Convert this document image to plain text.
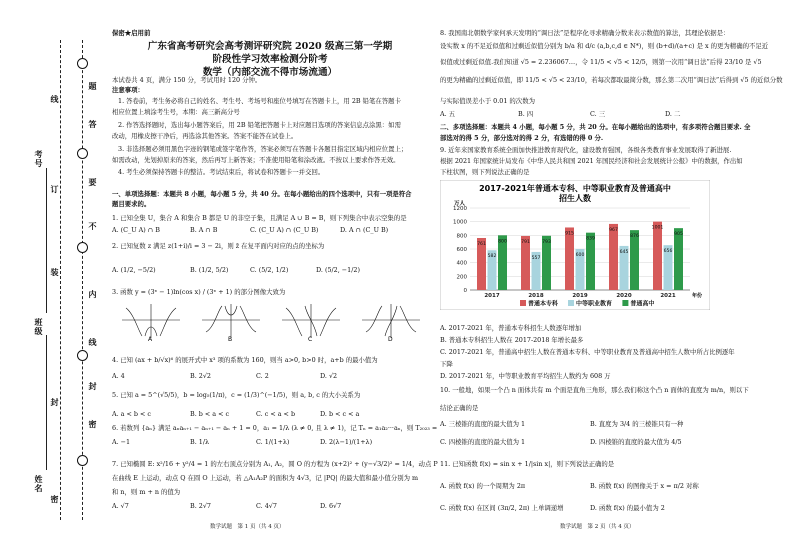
考号
班级
姓名
线
订
装
封
密
题
答
要
不
内
线
封
密
保密★启用前
广东省高考研究会高考测评研究院 2020 级高三第一学期
阶段性学习效率检测分阶考
数学（内部交流不得市场流通）
本试卷共 4 页，满分 150 分，考试用时 120 分钟。
注意事项：
1. 答卷前，考生务必将自己的姓名、考生号、考场号和座位号填写在答题卡上，用 2B 铅笔在答题卡
相应位置上填涂考生号，本期：高三新高分号
2. 作答选择题时，选出每小题答案后，用 2B 铅笔把答题卡上对应题目选项的答案信息点涂黑：如需
改动，用橡皮擦干净后，再选涂其他答案。答案不能答在试卷上。
3. 非选择题必须用黑色字迹的钢笔或签字笔作答，答案必须写在答题卡各题目指定区域内相应位置上；
如需改动，先划掉原来的答案，然后再写上新答案；不准使用铅笔和涂改液。不按以上要求作答无效。
4. 考生必须保持答题卡的整洁。考试结束后，将试卷和答题卡一并交回。
一、单项选择题：本题共 8 小题，每小题 5 分，共 40 分。在每小题给出的四个选项中，只有一项是符合
题目要求的。
1. 已知全集 U，集合 A 和集合 B 都是 U 的非空子集，且满足 A ∪ B = B，则下列集合中表示空集的是
A. (C_U A) ∩ B	B. A ∩ B	C. (C_U A) ∩ (C_U B)	D. A ∩ (C_U B)
2. 已知复数 z 满足 z(1+i)/i = 3 − 2i，则 z̄ 在复平面内对应的点的坐标为
A. (1/2, −5/2)	B. (1/2, 5/2)	C. (5/2, 1/2)	D. (5/2, −1/2)
3. 函数 y = (3ˣ − 1)ln(cos x) / (3ˣ + 1) 的部分图像大致为
A	B	C	D
4. 已知 (ax + b/√x)⁶ 的展开式中 x³ 项的系数为 160，则当 a>0, b>0 时，a+b 的最小值为
A. 4	B. 2√2	C. 2	D. √2
5. 已知 a = 5^(√5/5)，b = log₅(1/π)，c = (1/3)^(−1/5)，则 a, b, c 的大小关系为
A. a < b < c	B. b < a < c	C. c < a < b	D. b < c < a
6. 若数列 {aₙ} 满足 aₙaₙ₊₁ − aₙ₊₁ − aₙ + 1 = 0，a₁ = 1/λ (λ ≠ 0, 且 λ ≠ 1)，记 Tₙ = a₁a₂···aₙ，则 T₂₀₂₃ =
A. −1	B. 1/λ	C. 1/(1+λ)	D. 2(λ−1)/(1+λ)
7. 已知椭圆 E: x²/16 + y²/4 = 1 的左右顶点分别为 A₁, A₂，圆 O 的方程为 (x+2)² + (y−√3/2)² = 1/4，动点 P
在曲线 E 上运动，动点 Q 在圆 O 上运动，若 △A₁A₂P 的面积为 4√3，记 |PQ| 的最大值和最小值分别为 m
和 n，则 m + n 的值为
A. √7	B. 2√7	C. 4√7	D. 6√7
数学试题　第 1 页（共 4 页）
8. 我国南北朝数学家何承天发明的“调日法”是程序化寻求精确分数来表示数值的算法，其理论依据是：
设实数 x 的不足近似值和过剩近似值分别为 b/a 和 d/c (a,b,c,d ∈ N*)，则 (b+d)/(a+c) 是 x 的更为精确的不足近
似值或过剩近似值.我们知道 √5 = 2.236067…，令 11/5 < √5 < 12/5，则第一次用“调日法”后得 23/10 是 √5
的更为精确的过剩近似值，即 11/5 < √5 < 23/10，若每次都取最简分数，那么第二次用“调日法”后得到 √5 的近似分数
与实际值误差小于 0.01 的次数为
A. 五	B. 四	C. 三	D. 二
二、多项选择题：本题共 4 小题，每小题 5 分，共 20 分。在每小题给出的选项中，有多项符合题目要求. 全
部选对的得 5 分，部分选对的得 2 分，有选错的得 0 分.
9. 近年来国家教育系统全面加快推进教育现代化，建设教育强国，各级各类教育事业发展取得了新进展.
根据 2021 年国家统计局发布《中华人民共和国 2021 年国民经济和社会发展统计公报》中的数据，作出如
下柱状图，则下列说法正确的是
2017-2021年普通本专科、中等职业教育及普通高中
招生人数
万人
年份
0
200
400
600
800
1000
1200
761
582
800
2017
791
557
793
2018
915
600
839
2019
967
645
876
2020
1001
656
905
2021
普通本专科	中等职业教育	普通高中
A. 2017-2021 年，普通本专科招生人数逐年增加
B. 普通本专科招生人数在 2017-2018 年增长最多
C. 2017-2021 年，普通高中招生人数在普通本专科、中等职业教育及普通高中招生人数中所占比例逐年
下降
D. 2017-2021 年，中等职业教育平均招生人数约为 608 万
10. 一般地，如果一个凸 n 面体共有 m 个面是直角三角形，那么我们称这个凸 n 面体的直度为 m/n，则以下
结论正确的是
A. 三棱锥的直度的最大值为 1	B. 直度为 3/4 的三棱锥只有一种
C. 四棱锥的直度的最大值为 1	D. 四棱锥的直度的最大值为 4/5
11. 已知函数 f(x) = sin x + 1/|sin x|，则下列说法正确的是
A. 函数 f(x) 的一个周期为 2π	B. 函数 f(x) 的图像关于 x = π/2 对称
C. 函数 f(x) 在区间 (3π/2, 2π) 上单调递增	D. 函数 f(x) 的最小值为 2
数学试题　第 2 页（共 4 页）
